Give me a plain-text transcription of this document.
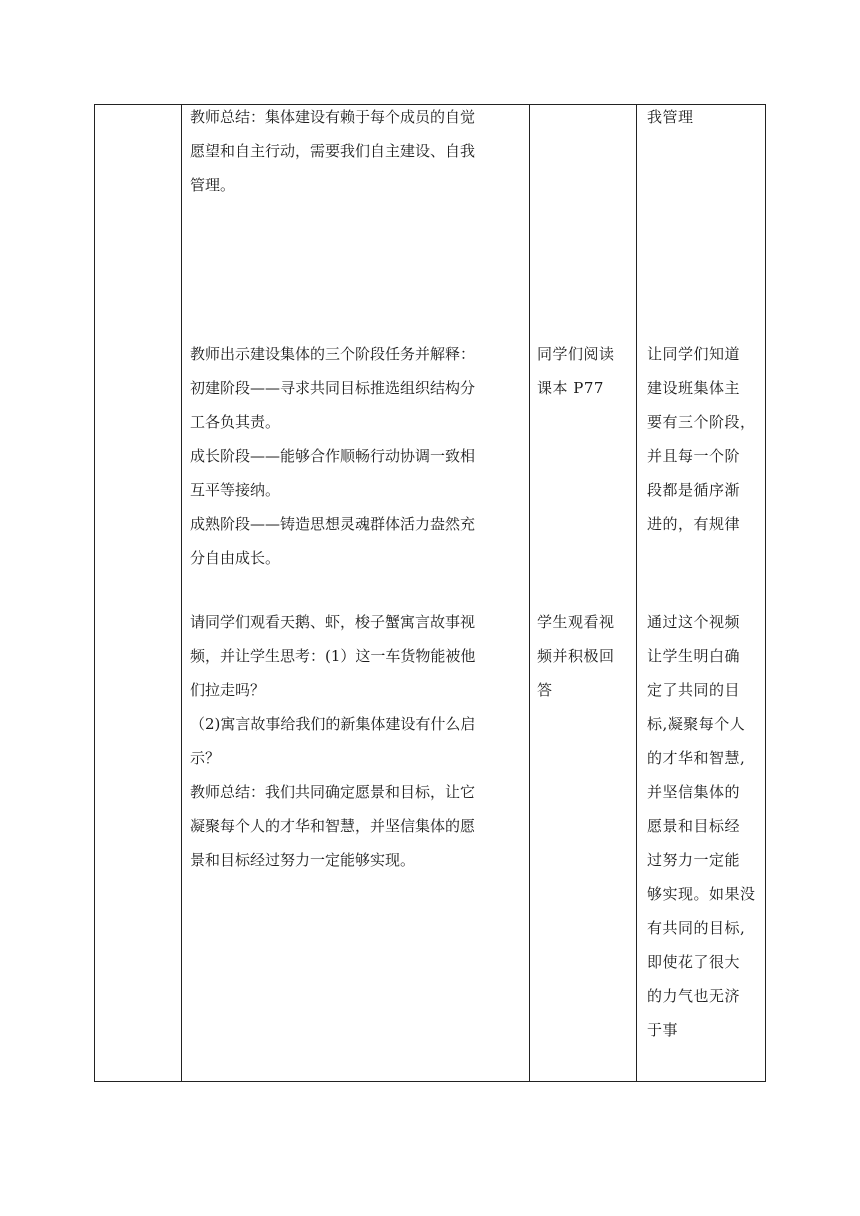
教师总结：集体建设有赖于每个成员的自觉
愿望和自主行动，需要我们自主建设、自我
管理。
我管理
教师出示建设集体的三个阶段任务并解释：
初建阶段——寻求共同目标推选组织结构分
工各负其责。
成长阶段——能够合作顺畅行动协调一致相
互平等接纳。
成熟阶段——铸造思想灵魂群体活力盎然充
分自由成长。
同学们阅读
课本 P77
让同学们知道
建设班集体主
要有三个阶段，
并且每一个阶
段都是循序渐
进的，有规律
请同学们观看天鹅、虾，梭子蟹寓言故事视
频，并让学生思考：(1）这一车货物能被他
们拉走吗？
（2)寓言故事给我们的新集体建设有什么启
示？
教师总结：我们共同确定愿景和目标，让它
凝聚每个人的才华和智慧，并坚信集体的愿
景和目标经过努力一定能够实现。
学生观看视
频并积极回
答
通过这个视频
让学生明白确
定了共同的目
标,凝聚每个人
的才华和智慧,
并坚信集体的
愿景和目标经
过努力一定能
够实现。如果没
有共同的目标,
即使花了很大
的力气也无济
于事
